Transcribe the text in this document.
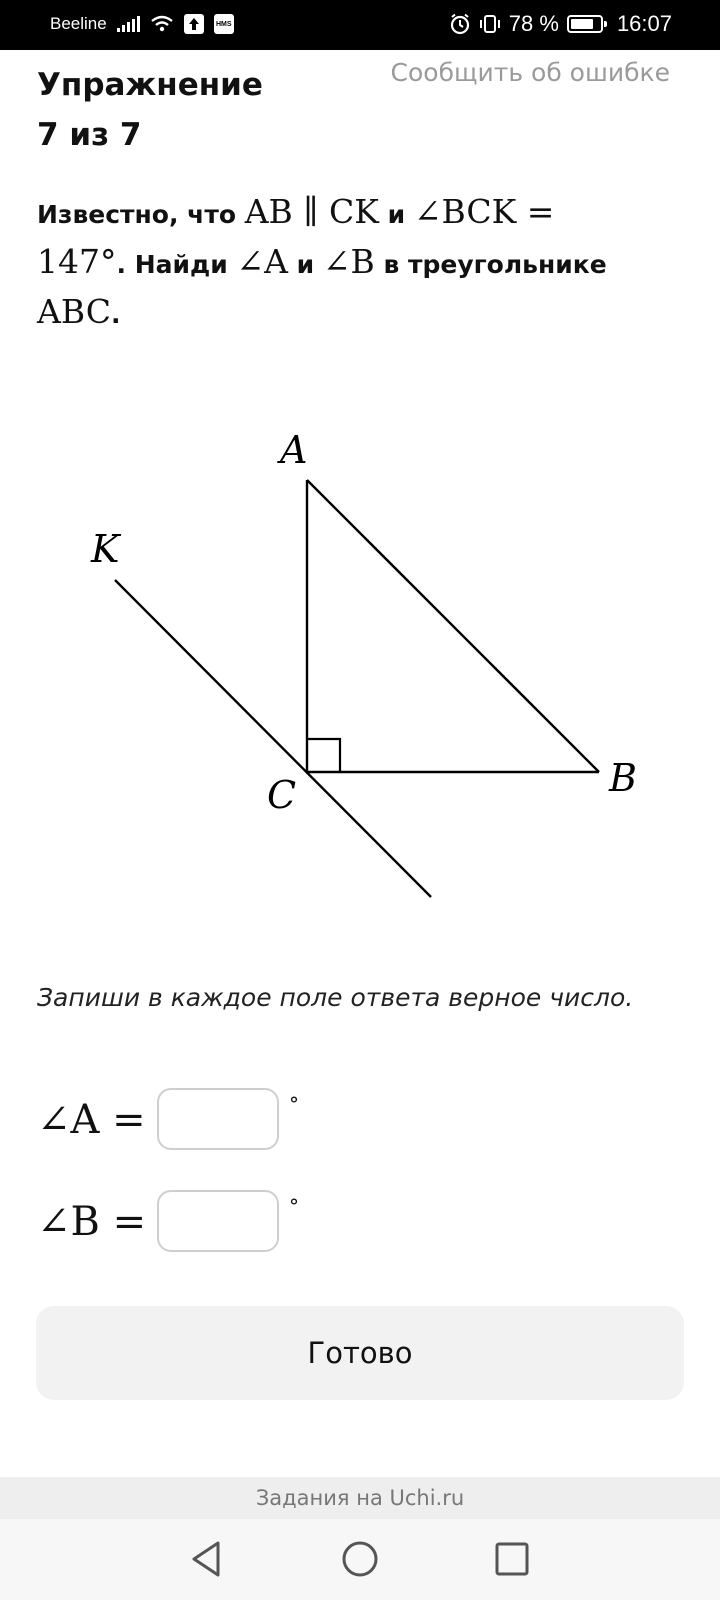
Beeline	HMS	78 %	16:07
Упражнение
7 из 7
Сообщить об ошибке
Известно, что AB ∥ CK и ∠BCK =
147°. Найди ∠A и ∠B в треугольнике
ABC.
A
K
C	B
Запиши в каждое поле ответа верное число.
∠A =	°
∠B =	°
Готово
Задания на Uchi.ru
